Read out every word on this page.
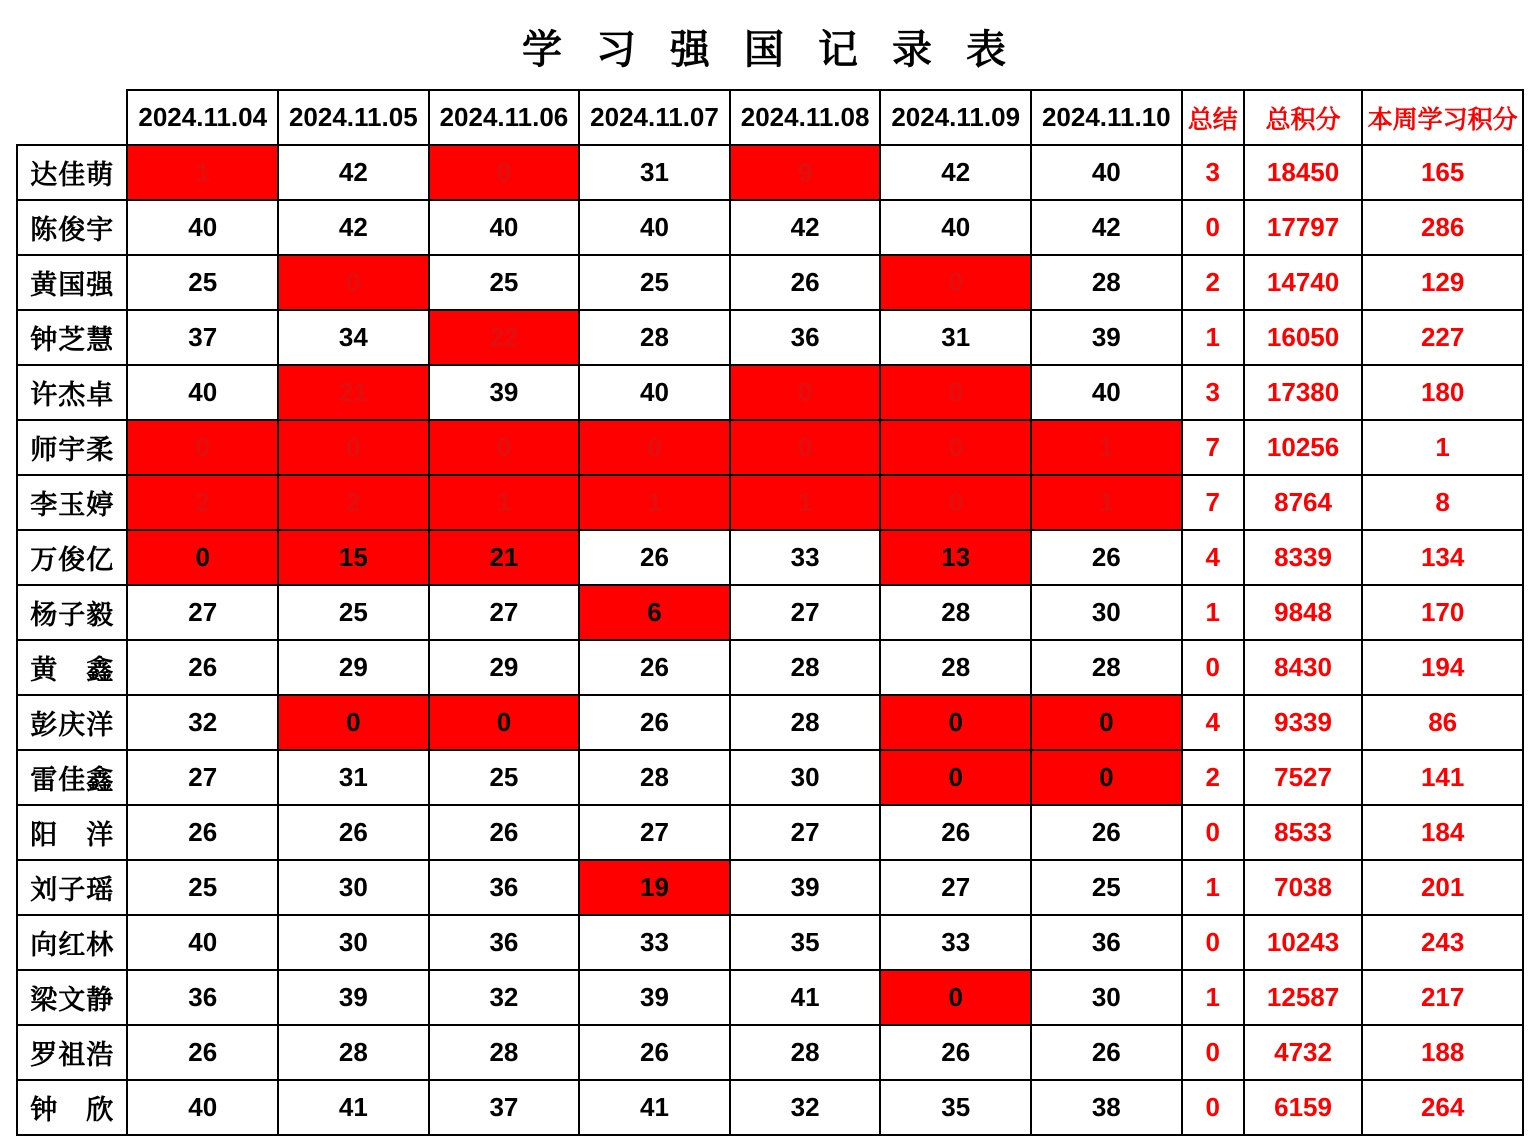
学 习 强 国 记 录 表
	2024.11.04	2024.11.05	2024.11.06	2024.11.07	2024.11.08	2024.11.09	2024.11.10	总结	总积分	本周学习积分
达佳萌	1	42	0	31	9	42	40	3	18450	165
陈俊宇	40	42	40	40	42	40	42	0	17797	286
黄国强	25	0	25	25	26	0	28	2	14740	129
钟芝慧	37	34	22	28	36	31	39	1	16050	227
许杰卓	40	21	39	40	0	0	40	3	17380	180
师宇柔	0	0	0	0	0	0	1	7	10256	1
李玉婷	2	2	1	1	1	0	1	7	8764	8
万俊亿	0	15	21	26	33	13	26	4	8339	134
杨子毅	27	25	27	6	27	28	30	1	9848	170
黄　鑫	26	29	29	26	28	28	28	0	8430	194
彭庆洋	32	0	0	26	28	0	0	4	9339	86
雷佳鑫	27	31	25	28	30	0	0	2	7527	141
阳　洋	26	26	26	27	27	26	26	0	8533	184
刘子瑶	25	30	36	19	39	27	25	1	7038	201
向红林	40	30	36	33	35	33	36	0	10243	243
梁文静	36	39	32	39	41	0	30	1	12587	217
罗祖浩	26	28	28	26	28	26	26	0	4732	188
钟　欣	40	41	37	41	32	35	38	0	6159	264
